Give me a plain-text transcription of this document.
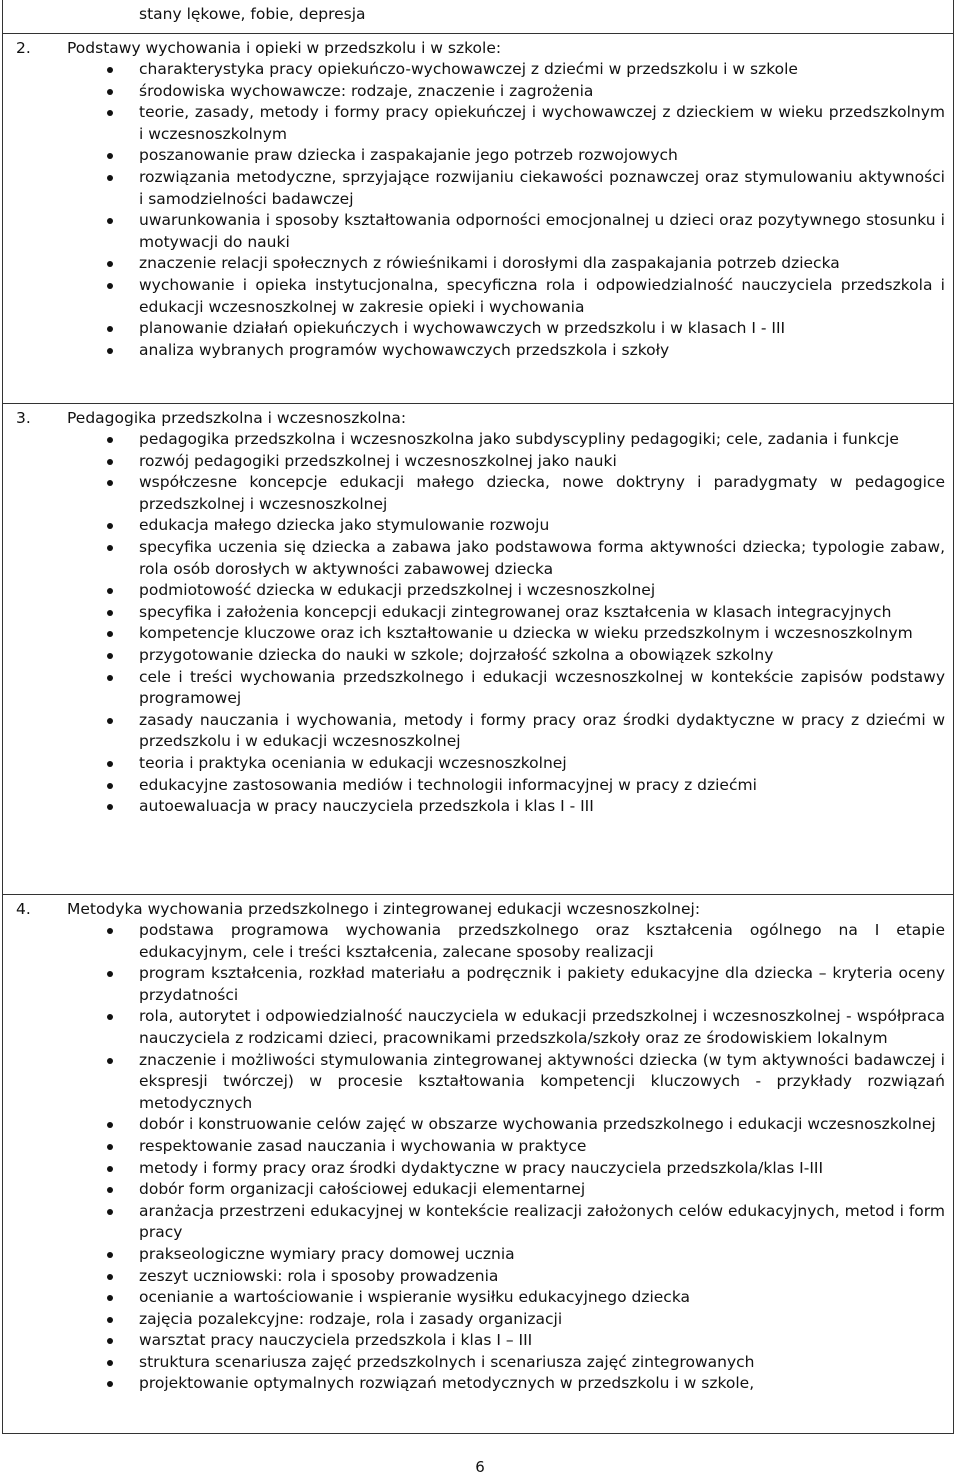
stany lękowe, fobie, depresja
2. Podstawy wychowania i opieki w przedszkolu i w szkole:
charakterystyka pracy opiekuńczo-wychowawczej z dziećmi w przedszkolu i w szkole
środowiska wychowawcze: rodzaje, znaczenie i zagrożenia
teorie, zasady, metody i formy pracy opiekuńczej i wychowawczej z dzieckiem w wieku przedszkolnym i wczesnoszkolnym
poszanowanie praw dziecka i zaspakajanie jego potrzeb rozwojowych
rozwiązania metodyczne, sprzyjające rozwijaniu ciekawości poznawczej oraz stymulowaniu aktywności i samodzielności badawczej
uwarunkowania i sposoby kształtowania odporności emocjonalnej u dzieci oraz pozytywnego stosunku i motywacji do nauki
znaczenie relacji społecznych z rówieśnikami i dorosłymi dla zaspakajania potrzeb dziecka
wychowanie i opieka instytucjonalna, specyficzna rola i odpowiedzialność nauczyciela przedszkola i edukacji wczesnoszkolnej w zakresie opieki i wychowania
planowanie działań opiekuńczych i wychowawczych w przedszkolu i w klasach I - III
analiza wybranych programów wychowawczych przedszkola i szkoły
3. Pedagogika przedszkolna i wczesnoszkolna:
pedagogika przedszkolna i wczesnoszkolna jako subdyscypliny pedagogiki; cele, zadania i funkcje
rozwój pedagogiki przedszkolnej i wczesnoszkolnej jako nauki
współczesne koncepcje edukacji małego dziecka, nowe doktryny i paradygmaty w pedagogice przedszkolnej i wczesnoszkolnej
edukacja małego dziecka jako stymulowanie rozwoju
specyfika uczenia się dziecka a zabawa jako podstawowa forma aktywności dziecka; typologie zabaw, rola osób dorosłych w aktywności zabawowej dziecka
podmiotowość dziecka w edukacji przedszkolnej i wczesnoszkolnej
specyfika i założenia koncepcji edukacji zintegrowanej oraz kształcenia w klasach integracyjnych
kompetencje kluczowe oraz ich kształtowanie u dziecka w wieku przedszkolnym i wczesnoszkolnym
przygotowanie dziecka do nauki w szkole; dojrzałość szkolna a obowiązek szkolny
cele i treści wychowania przedszkolnego i edukacji wczesnoszkolnej w kontekście zapisów podstawy programowej
zasady nauczania i wychowania, metody i formy pracy oraz środki dydaktyczne w pracy z dziećmi w przedszkolu i w edukacji wczesnoszkolnej
teoria i praktyka oceniania w edukacji wczesnoszkolnej
edukacyjne zastosowania mediów i technologii informacyjnej w pracy z dziećmi
autoewaluacja w pracy nauczyciela przedszkola i klas I - III
4. Metodyka wychowania przedszkolnego i zintegrowanej edukacji wczesnoszkolnej:
podstawa programowa wychowania przedszkolnego oraz kształcenia ogólnego na I etapie edukacyjnym, cele i treści kształcenia, zalecane sposoby realizacji
program kształcenia, rozkład materiału a podręcznik i pakiety edukacyjne dla dziecka – kryteria oceny przydatności
rola, autorytet i odpowiedzialność nauczyciela w edukacji przedszkolnej i wczesnoszkolnej - współpraca nauczyciela z rodzicami dzieci, pracownikami przedszkola/szkoły oraz ze środowiskiem lokalnym
znaczenie i możliwości stymulowania zintegrowanej aktywności dziecka (w tym aktywności badawczej i ekspresji twórczej) w procesie kształtowania kompetencji kluczowych - przykłady rozwiązań metodycznych
dobór i konstruowanie celów zajęć w obszarze wychowania przedszkolnego i edukacji wczesnoszkolnej
respektowanie zasad nauczania i wychowania w praktyce
metody i formy pracy oraz środki dydaktyczne w pracy nauczyciela przedszkola/klas I-III
dobór form organizacji całościowej edukacji elementarnej
aranżacja przestrzeni edukacyjnej w kontekście realizacji założonych celów edukacyjnych, metod i form pracy
prakseologiczne wymiary pracy domowej ucznia
zeszyt uczniowski: rola i sposoby prowadzenia
ocenianie a wartościowanie i wspieranie wysiłku edukacyjnego dziecka
zajęcia pozalekcyjne: rodzaje, rola i zasady organizacji
warsztat pracy nauczyciela przedszkola i klas I – III
struktura scenariusza zajęć przedszkolnych i scenariusza zajęć zintegrowanych
projektowanie optymalnych rozwiązań metodycznych w przedszkolu i w szkole,
6
